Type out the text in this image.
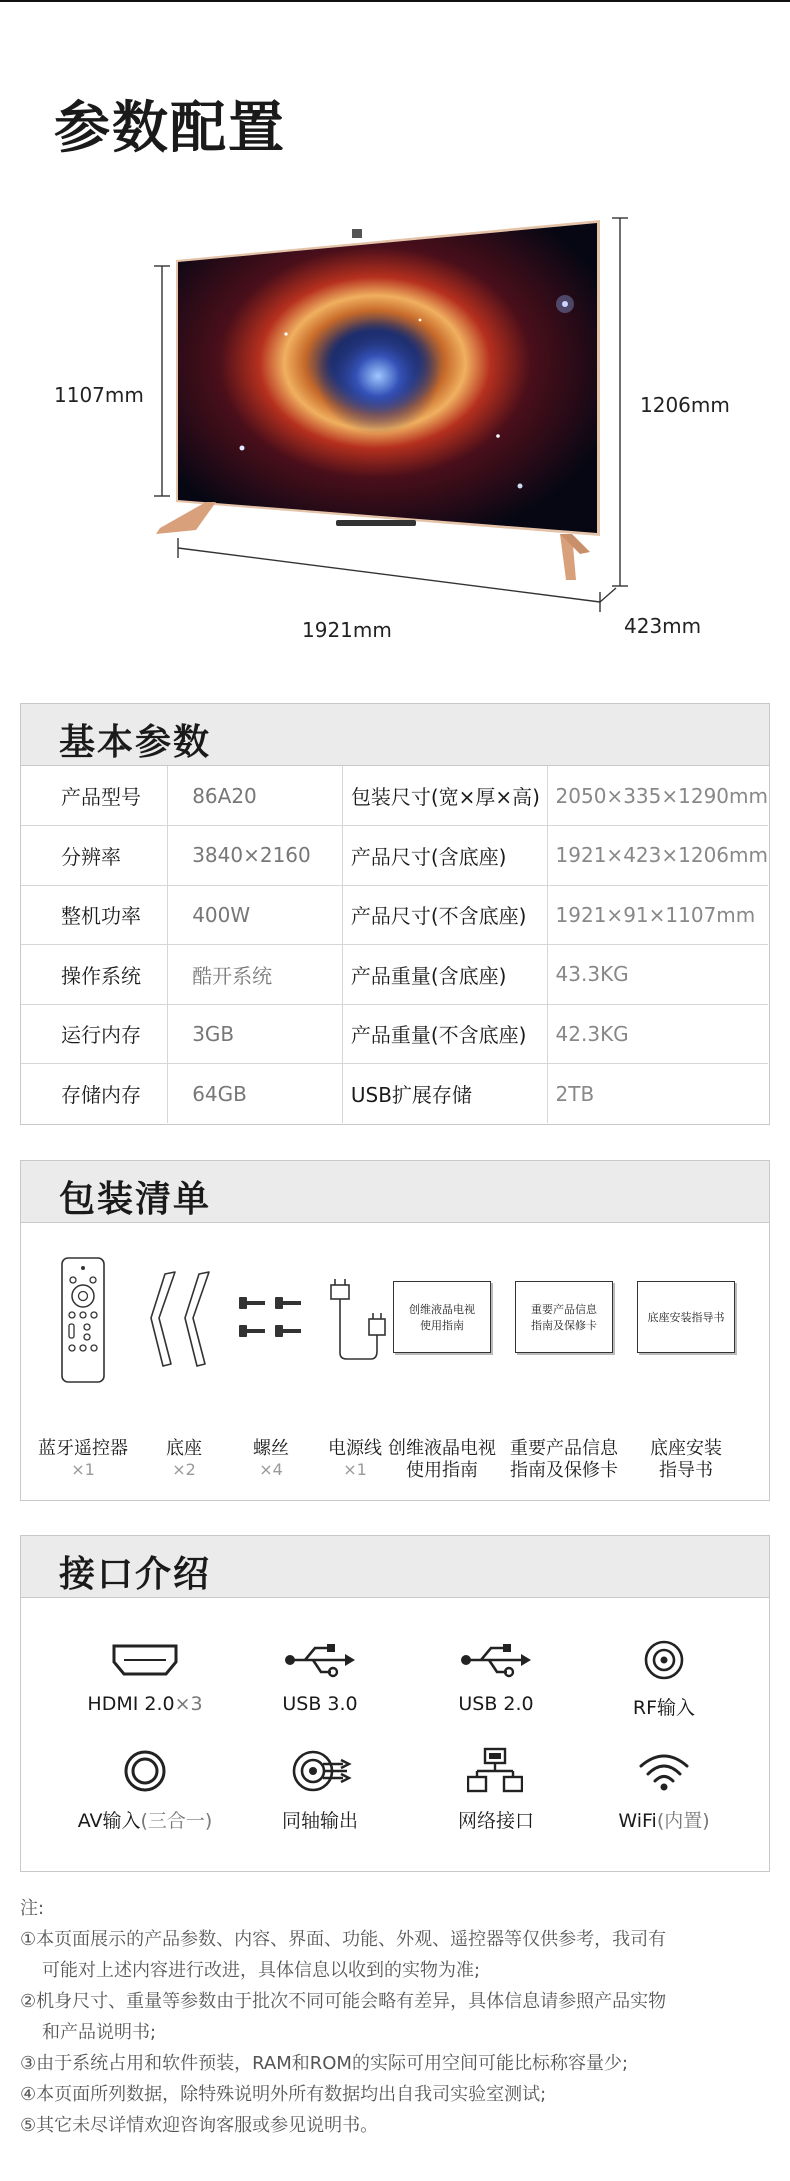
参数配置
1107mm	1206mm
1921mm	423mm
基本参数
产品型号	86A20	包装尺寸(宽×厚×高)	2050×335×1290mm
分辨率	3840×2160	产品尺寸(含底座)	1921×423×1206mm
整机功率	400W	产品尺寸(不含底座)	1921×91×1107mm
操作系统	酷开系统	产品重量(含底座)	43.3KG
运行内存	3GB	产品重量(不含底座)	42.3KG
存储内存	64GB	USB扩展存储	2TB
包装清单
创维液晶电视
使用指南
重要产品信息
指南及保修卡
底座安装指导书
蓝牙遥控器
×1
底座
×2
螺丝
×4
电源线
×1
创维液晶电视
使用指南
重要产品信息
指南及保修卡
底座安装
指导书
接口介绍
HDMI 2.0×3	USB 3.0	USB 2.0	RF输入
AV输入(三合一)	同轴输出	网络接口	WiFi(内置)

注:

①本页面展示的产品参数、内容、界面、功能、外观、遥控器等仅供参考，我司有

可能对上述内容进行改进，具体信息以收到的实物为准;

②机身尺寸、重量等参数由于批次不同可能会略有差异，具体信息请参照产品实物

和产品说明书;

③由于系统占用和软件预装，RAM和ROM的实际可用空间可能比标称容量少;

④本页面所列数据，除特殊说明外所有数据均出自我司实验室测试;

⑤其它未尽详情欢迎咨询客服或参见说明书。
